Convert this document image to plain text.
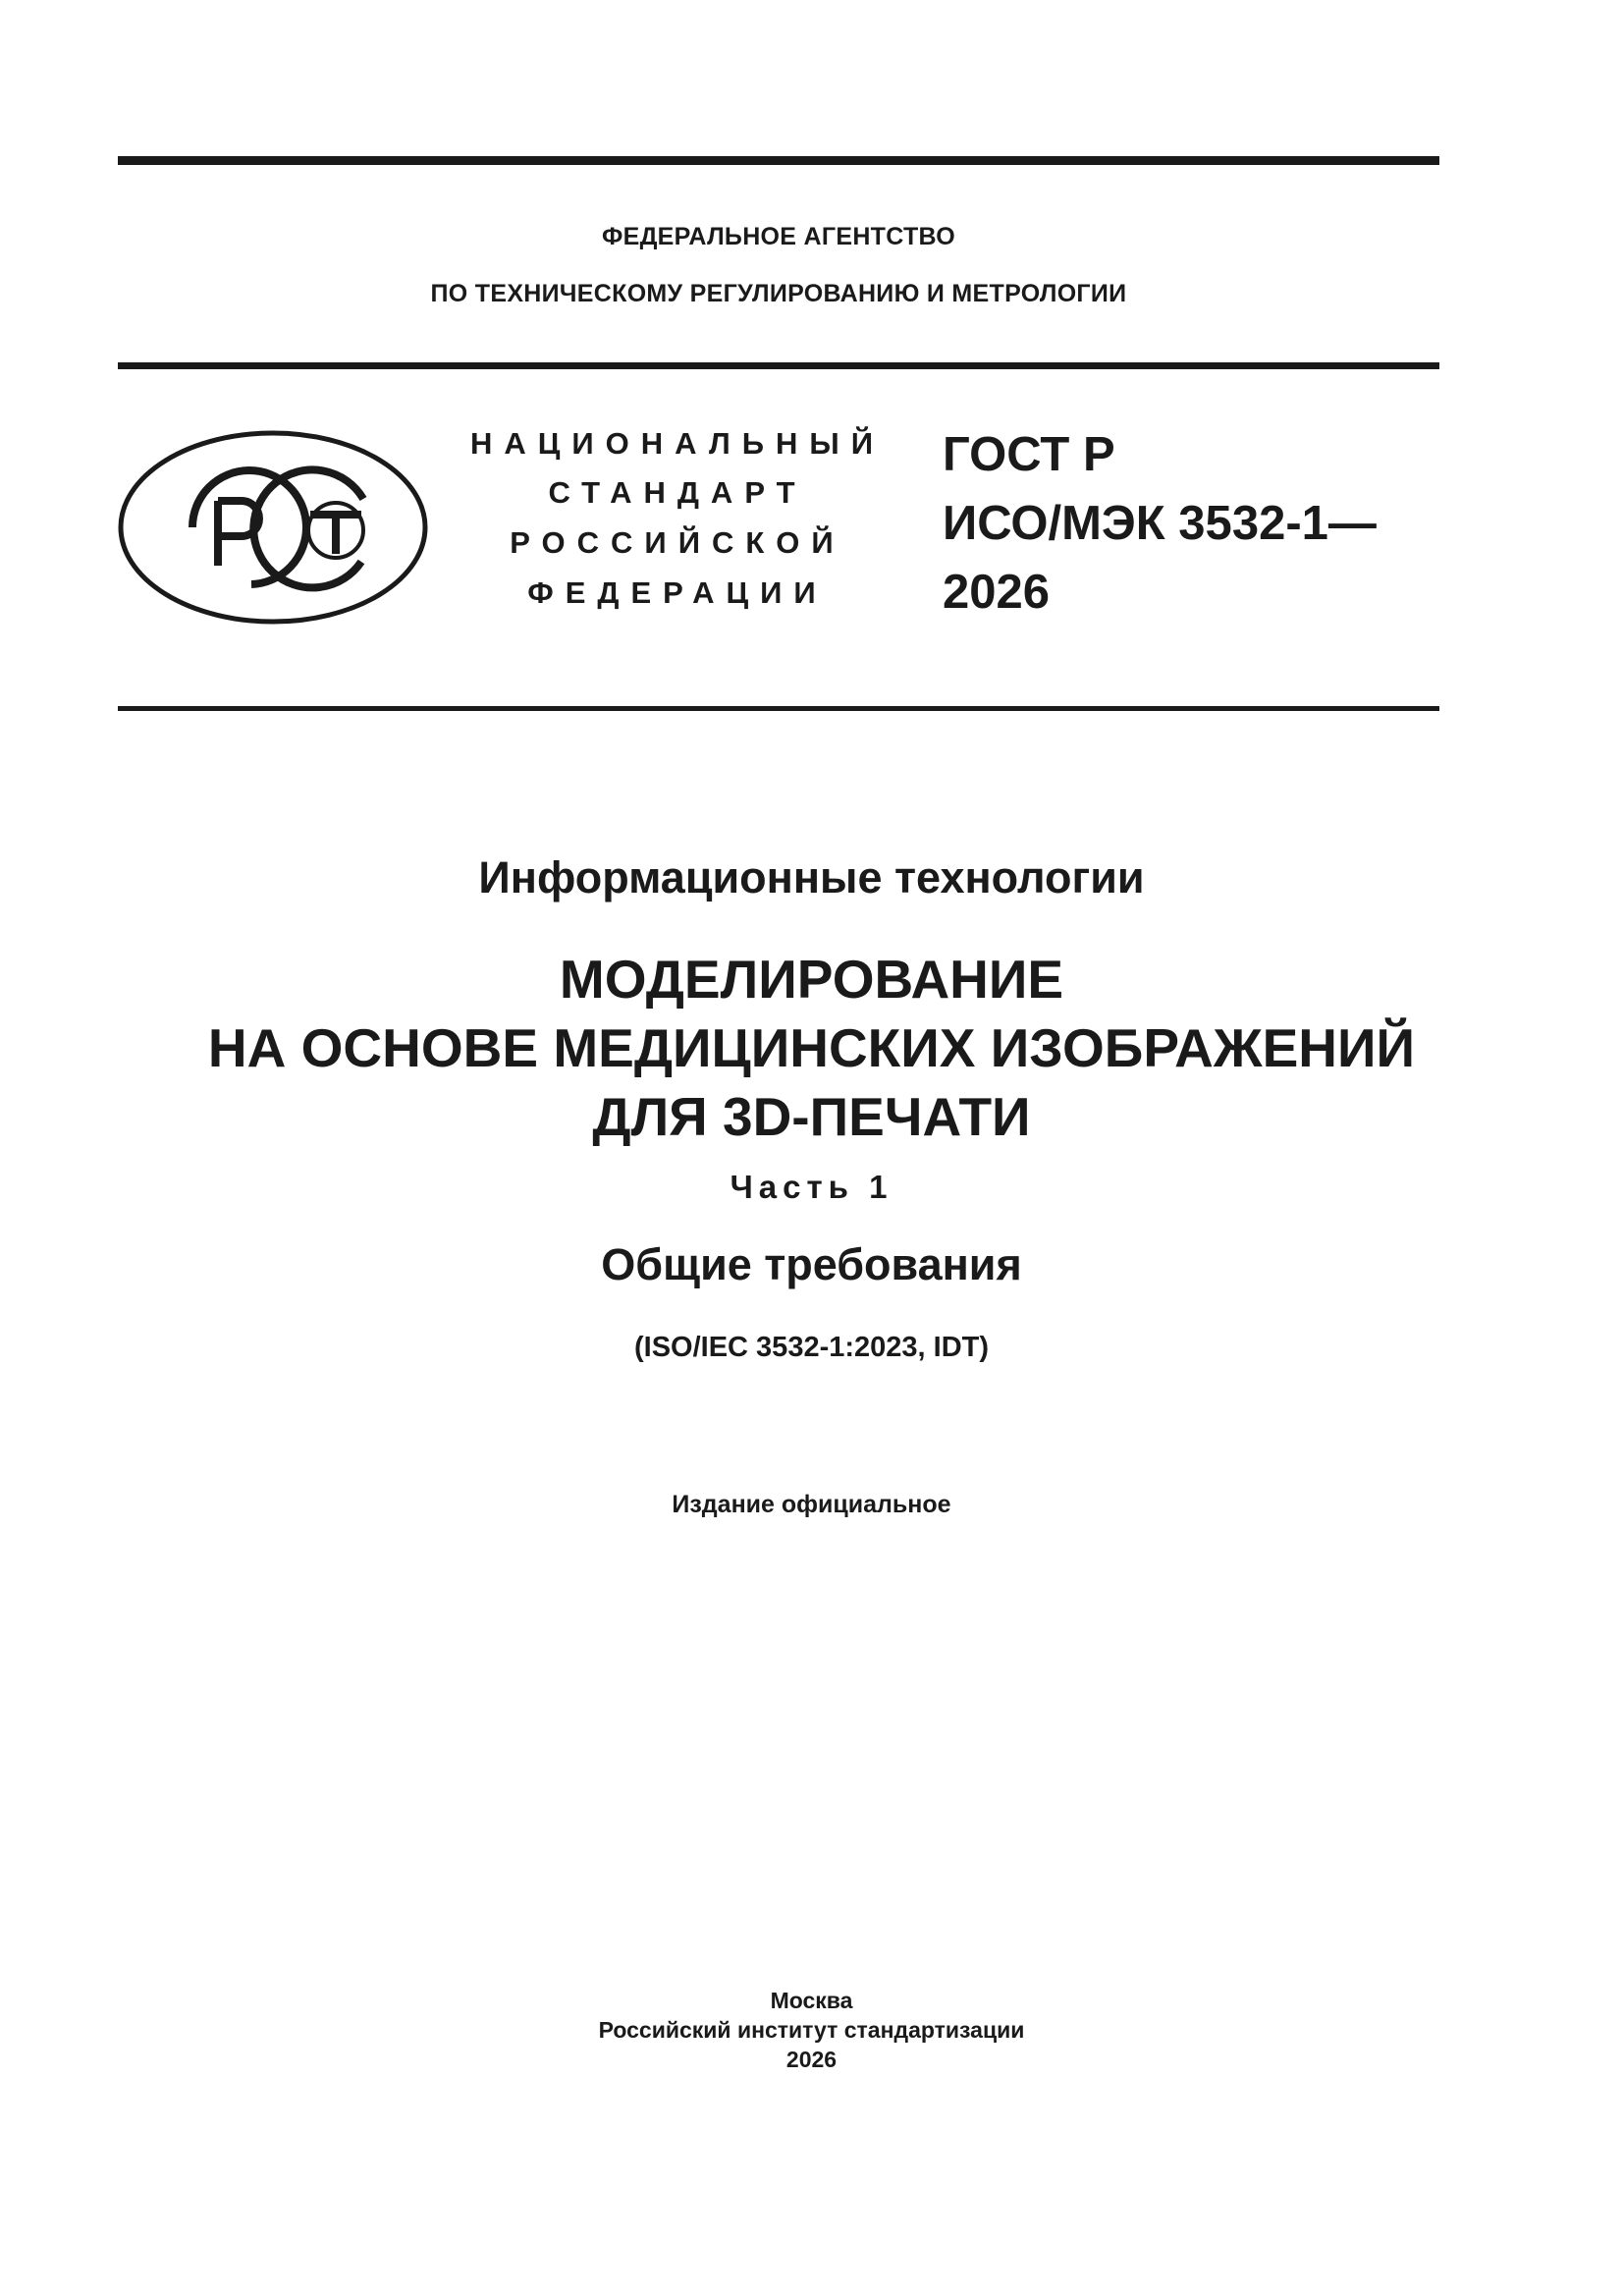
ФЕДЕРАЛЬНОЕ АГЕНТСТВО
ПО ТЕХНИЧЕСКОМУ РЕГУЛИРОВАНИЮ И МЕТРОЛОГИИ
НАЦИОНАЛЬНЫЙ
СТАНДАРТ
РОССИЙСКОЙ
ФЕДЕРАЦИИ
ГОСТ Р
ИСО/МЭК 3532-1—
2026
Информационные технологии
МОДЕЛИРОВАНИЕ
НА ОСНОВЕ МЕДИЦИНСКИХ ИЗОБРАЖЕНИЙ
ДЛЯ 3D-ПЕЧАТИ
Часть 1
Общие требования
(ISO/IEC 3532-1:2023, IDT)
Издание официальное
Москва
Российский институт стандартизации
2026
